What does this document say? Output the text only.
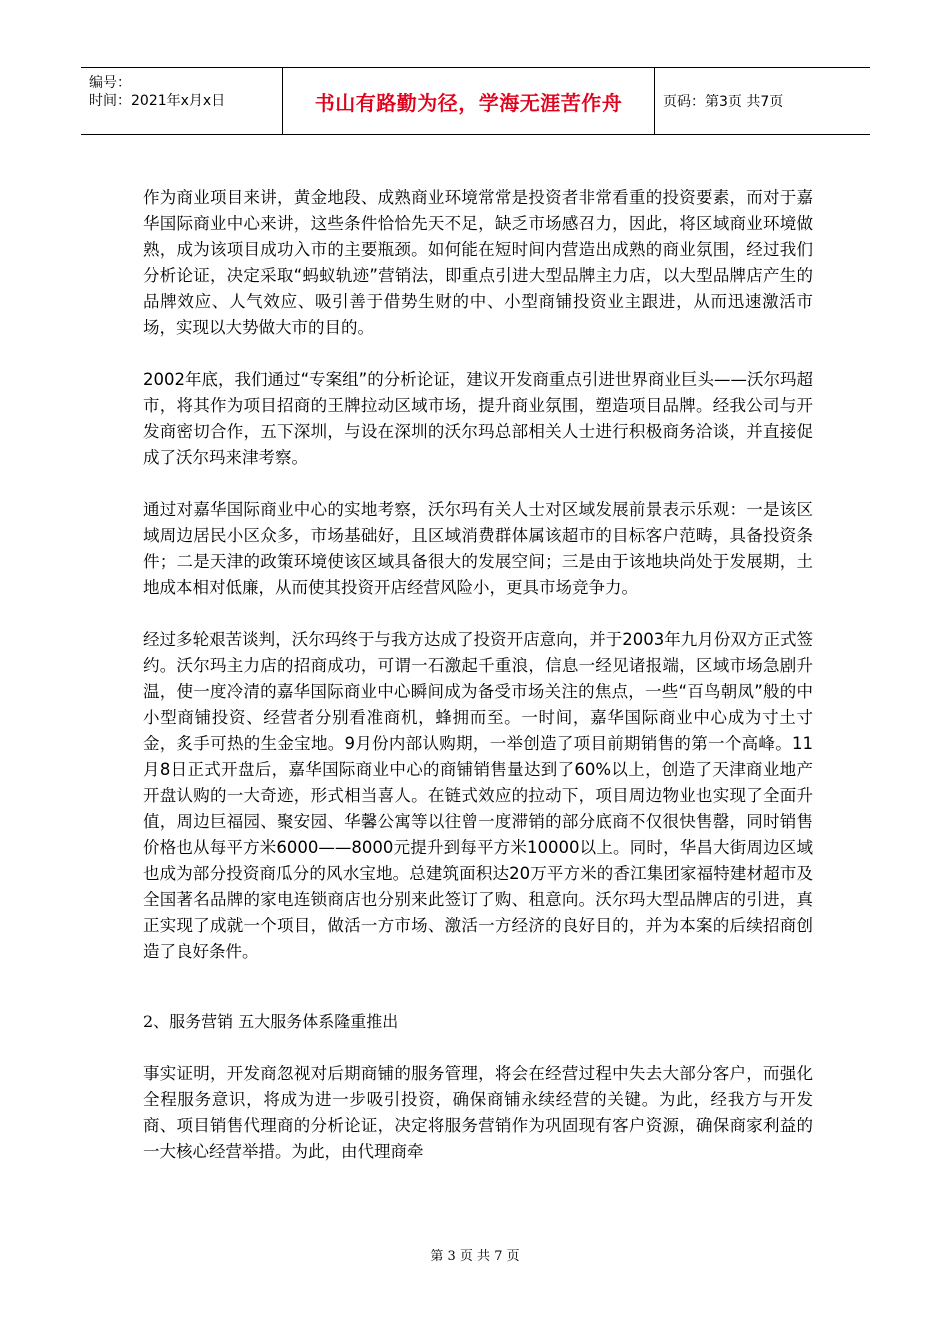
编号：
时间：2021年x月x日	书山有路勤为径，学海无涯苦作舟	页码：第3页 共7页

作为商业项目来讲，黄金地段、成熟商业环境常常是投资者非常看重的投资要素，而对于嘉华国际商业中心来讲，这些条件恰恰先天不足，缺乏市场感召力，因此，将区域商业环境做熟，成为该项目成功入市的主要瓶颈。如何能在短时间内营造出成熟的商业氛围，经过我们分析论证，决定采取“蚂蚁轨迹”营销法，即重点引进大型品牌主力店，以大型品牌店产生的品牌效应、人气效应、吸引善于借势生财的中、小型商铺投资业主跟进，从而迅速激活市场，实现以大势做大市的目的。

2002年底，我们通过“专案组”的分析论证，建议开发商重点引进世界商业巨头——沃尔玛超市，将其作为项目招商的王牌拉动区域市场，提升商业氛围，塑造项目品牌。经我公司与开发商密切合作，五下深圳，与设在深圳的沃尔玛总部相关人士进行积极商务洽谈，并直接促成了沃尔玛来津考察。

通过对嘉华国际商业中心的实地考察，沃尔玛有关人士对区域发展前景表示乐观：一是该区域周边居民小区众多，市场基础好，且区域消费群体属该超市的目标客户范畴，具备投资条件；二是天津的政策环境使该区域具备很大的发展空间；三是由于该地块尚处于发展期，土地成本相对低廉，从而使其投资开店经营风险小，更具市场竞争力。

经过多轮艰苦谈判，沃尔玛终于与我方达成了投资开店意向，并于2003年九月份双方正式签约。沃尔玛主力店的招商成功，可谓一石激起千重浪，信息一经见诸报端，区域市场急剧升温，使一度冷清的嘉华国际商业中心瞬间成为备受市场关注的焦点，一些“百鸟朝凤”般的中小型商铺投资、经营者分别看准商机，蜂拥而至。一时间，嘉华国际商业中心成为寸土寸金，炙手可热的生金宝地。9月份内部认购期，一举创造了项目前期销售的第一个高峰。11月8日正式开盘后，嘉华国际商业中心的商铺销售量达到了60%以上，创造了天津商业地产开盘认购的一大奇迹，形式相当喜人。在链式效应的拉动下，项目周边物业也实现了全面升值，周边巨福园、聚安园、华馨公寓等以往曾一度滞销的部分底商不仅很快售罄，同时销售价格也从每平方米6000——8000元提升到每平方米10000以上。同时，华昌大街周边区域也成为部分投资商瓜分的风水宝地。总建筑面积达20万平方米的香江集团家福特建材超市及全国著名品牌的家电连锁商店也分别来此签订了购、租意向。沃尔玛大型品牌店的引进，真正实现了成就一个项目，做活一方市场、激活一方经济的良好目的，并为本案的后续招商创造了良好条件。

2、服务营销 五大服务体系隆重推出

事实证明，开发商忽视对后期商铺的服务管理，将会在经营过程中失去大部分客户，而强化全程服务意识，将成为进一步吸引投资，确保商铺永续经营的关键。为此，经我方与开发商、项目销售代理商的分析论证，决定将服务营销作为巩固现有客户资源，确保商家利益的一大核心经营举措。为此，由代理商牵

第 3 页 共 7 页
